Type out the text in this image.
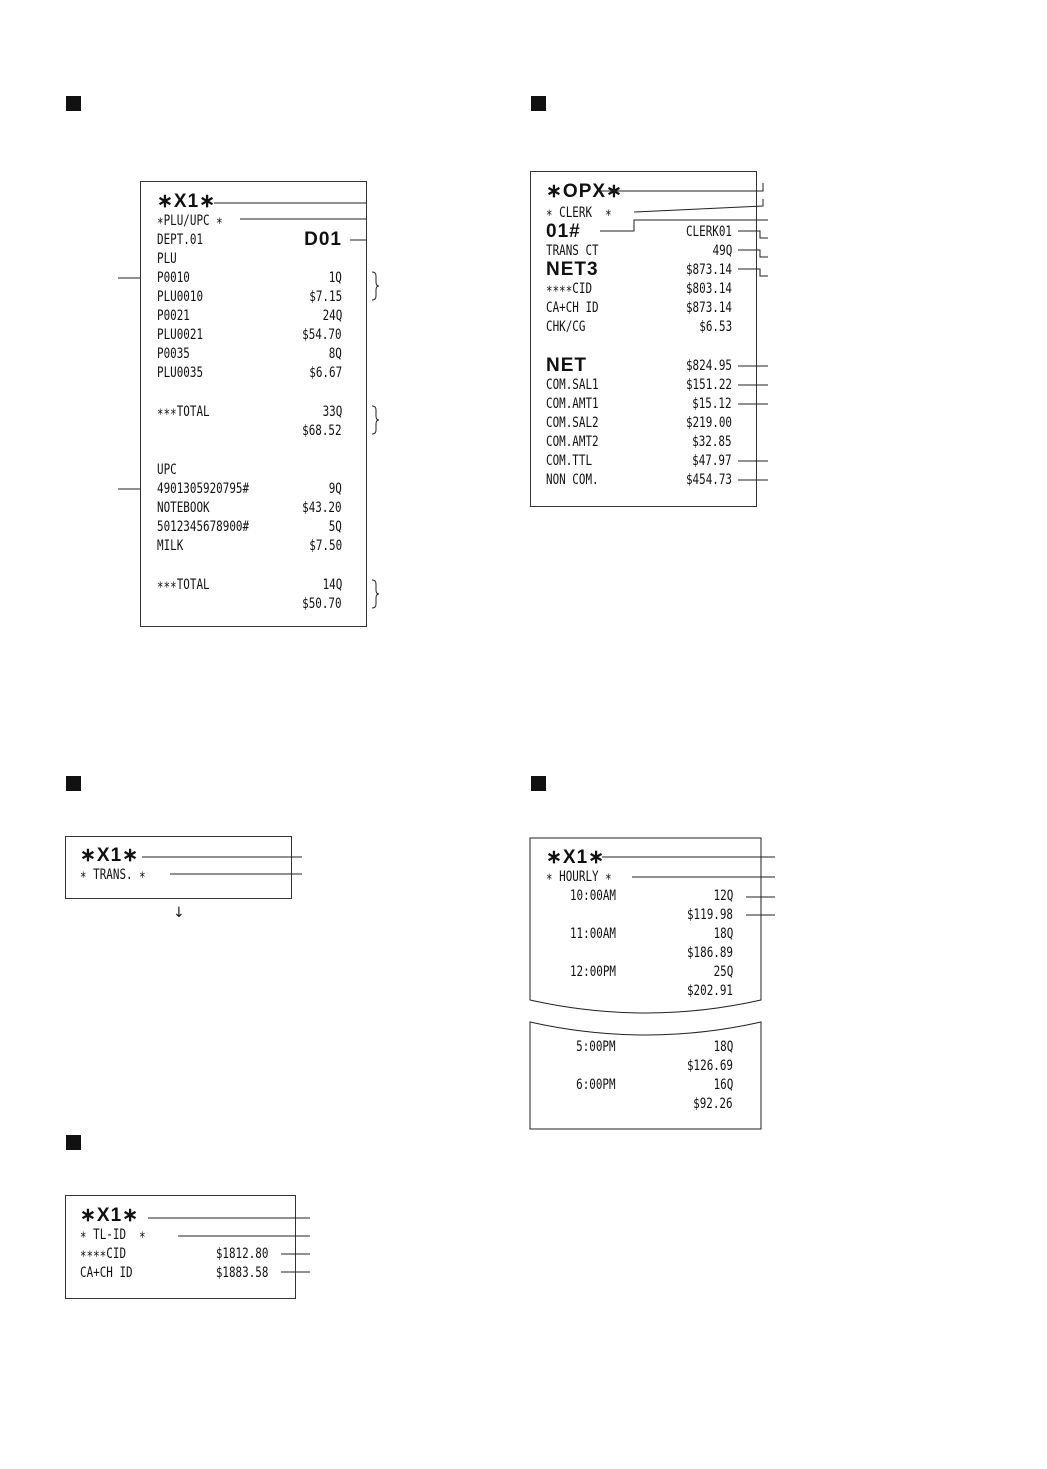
∗X1∗
∗PLU/UPC ∗
DEPT.01	D01
PLU
P0010	1Q
PLU0010	$7.15
P0021	24Q
PLU0021	$54.70
P0035	8Q
PLU0035	$6.67
∗∗∗TOTAL	33Q
$68.52
UPC
4901305920795#	9Q
NOTEBOOK	$43.20
5012345678900#	5Q
MILK	$7.50
∗∗∗TOTAL	14Q
$50.70
∗OPX∗
∗ CLERK  ∗
01#	CLERK01
TRANS CT	49Q
NET3	$873.14
∗∗∗∗CID	$803.14
CA+CH ID	$873.14
CHK/CG	$6.53
NET	$824.95
COM.SAL1	$151.22
COM.AMT1	$15.12
COM.SAL2	$219.00
COM.AMT2	$32.85
COM.TTL	$47.97
NON COM.	$454.73
∗X1∗
∗ TRANS. ∗
↓
∗X1∗
∗ HOURLY ∗
10:00AM	12Q
$119.98
11:00AM	18Q
$186.89
12:00PM	25Q
$202.91
5:00PM	18Q
$126.69
6:00PM	16Q
$92.26
∗X1∗
∗ TL-ID  ∗
∗∗∗∗CID	$1812.80
CA+CH ID	$1883.58
